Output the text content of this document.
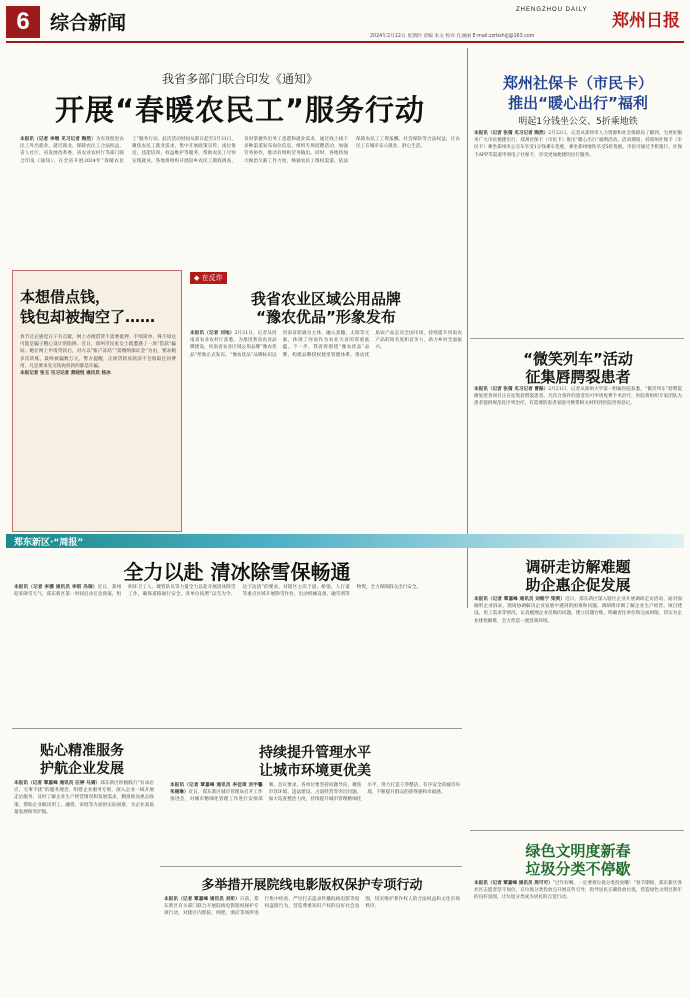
6	综合新闻
ZHENGZHOU DAILY
郑州日报
2024年2月22日 星期四 责编 朱文 校对 孔丽丽 E-mail:zzrbshijj@163.com
我省多部门联合印发《通知》
开展“春暖农民工”服务行动
本报讯（记者 李继 见习记者 陶然）为有效促进农民工外出就业、就近就业，保障农民工合法权益，省人社厅、省发展改革委、省农业农村厅等部门联合印发《通知》，在全省开展2024年“春暖农民工”服务行动。此次活动时间从即日起至3月31日，聚焦农民工就业需求，集中开展政策宣传、岗位推送、技能培训、权益维护等服务，帮助农民工尽快实现就业。各地将组织开展返乡农民工摸底调查，及时掌握外出务工意愿和就业需求，通过线上线下多种渠道发布岗位信息，组织专场招聘活动，加强劳务协作，推动有组织劳务输出。同时，各地将加大根治欠薪工作力度，畅通农民工维权渠道，依法保障农民工工资报酬、社会保险等合法权益，让农民工在城市安心就业、舒心生活。
郑州社保卡（市民卡）
推出“暖心出行”福利
明起1分钱坐公交、5折乘地铁
本报讯（记者 张倩 见习记者 陶然）2月22日，记者从郑州市人力资源和社会保障局了解到，为更好服务广大市民便捷出行，郑州社保卡（市民卡）推出“暖心出行”福利活动。活动期间，持郑州社保卡（市民卡）乘坐郑州市公交车享受1分钱乘车优惠，乘坐郑州地铁享受5折优惠。市民可通过手机银行、社保卡APP等渠道申领电子社保卡，享受更加便捷的出行服务。
◆ 在反诈
本想借点钱，
钱包却被掏空了……
春节过后感觉日子有点紧，网上办理借贷不需要抵押、手续简单，殊不知这可能是骗子精心设计的陷阱。近日，郑州市民张女士就遭遇了一场“借款”骗局。她在网上申请贷款后，对方以“账户冻结”“需缴纳保证金”为由，要求她多次转账，最终被骗数万元。警方提醒，正规贷款放款前不会收取任何费用，凡是要求先交钱再放款的都是诈骗。
本报记者 张玉 见习记者 黄晓悦 通讯员 杨冰
我省农业区域公用品牌
“豫农优品”形象发布
本报讯（记者 刘地）2月21日，记者从河南省农业农村厅获悉，为推进我省农业品牌建设，河南省农业区域公用品牌“豫农优品”形象正式发布。“豫农优品”品牌标识以河南省轮廓为主体，融入麦穗、太阳等元素，体现了河南作为农业大省的厚重底蕴。下一步，我省将围绕“豫农优品”品牌，构建品牌授权使用管理体系，推动优质农产品走向全国市场，持续提升河南农产品的知名度和竞争力，助力乡村全面振兴。
“微笑列车”活动
征集唇腭裂患者
本报讯（记者 张倩 见习记者 曹路）2月21日，记者从郑州大学第一附属医院获悉，“微笑列车”唇腭裂修复慈善项目正在征集唇腭裂患者。凡符合条件的患者均可申请免费手术治疗，医院将组织专家团队为患者提供规范化序列治疗。有需要的患者家庭可携带相关材料到医院咨询登记。
郑东新区·“周报”
全力以赴 清冰除雪保畅通
本报讯（记者 李娜 通讯员 李昭 冯瑞）近日，郑州迎来降雪天气，郑东新区第一时间启动应急预案，组织环卫工人、城管队员等力量全力以赴开展清冰除雪工作，确保道路通行安全。各单位按照“以雪为令、边下边清”的要求，对辖区主次干道、桥梁、人行道等重点区域开展除雪作业，出动机械设备、融雪剂等物资，全力保障群众出行安全。
调研走访解难题
助企惠企促发展
本报讯（记者 覃嘉峰 通讯员 刘维宁 梁爽）近日，郑东新区深入辖区企业开展调研走访活动，面对面倾听企业诉求，现场协调解决企业发展中遇到的困难和问题。调研组详细了解企业生产经营、项目建设、用工需求等情况，认真梳理企业反映的问题，建立问题台账，明确责任单位和完成时限，切实为企业排忧解难，全力营造一流营商环境。
贴心精准服务
护航企业发展
本报讯（记者 覃嘉峰 通讯员 汪婷 马婧）郑东新区积极践行“有求必应、无事不扰”的服务理念，组建企业服务专班，深入企业一线开展走访服务，及时了解企业生产经营情况和发展需求，精准推送惠企政策，帮助企业解决用工、融资、审批等方面的实际困难，为企业高质量发展保驾护航。
持续提升管理水平
让城市环境更优美
本报讯（记者 覃嘉峰 通讯员 李佳琦 刘宇馨 朱丽琳）近日，郑东新区城市管理局召开工作推进会，对城市精细化管理工作进行安排部署。会议要求，各单位要坚持问题导向，聚焦市容环境、违法建设、占道经营等突出问题，加大巡查整治力度，持续提升城市管理精细化水平，努力打造干净整洁、有序安全的城市环境，不断提升群众的获得感和幸福感。
绿色文明度新春
垃圾分类不停歇
本报讯（记者 覃嘉峰 通讯员 周可可）“过年好啊，一定要将垃圾分类投放哦！”春节期间，郑东新区各社区志愿者坚守岗位，在垃圾分类投放点开展宣传引导，指导居民正确投放垃圾，营造绿色文明过新年的良好氛围，让垃圾分类成为居民的自觉行动。
多举措开展院线电影版权保护专项行动
本报讯（记者 覃嘉峰 通讯员 刘昕）日前，郑东新区有关部门联合开展院线电影版权保护专项行动，对辖区内影院、网吧、酒店等场所进行集中检查，严厉打击盗录传播院线电影等侵权盗版行为，营造尊重知识产权的良好社会氛围，切实维护著作权人的合法权益和文化市场秩序。
